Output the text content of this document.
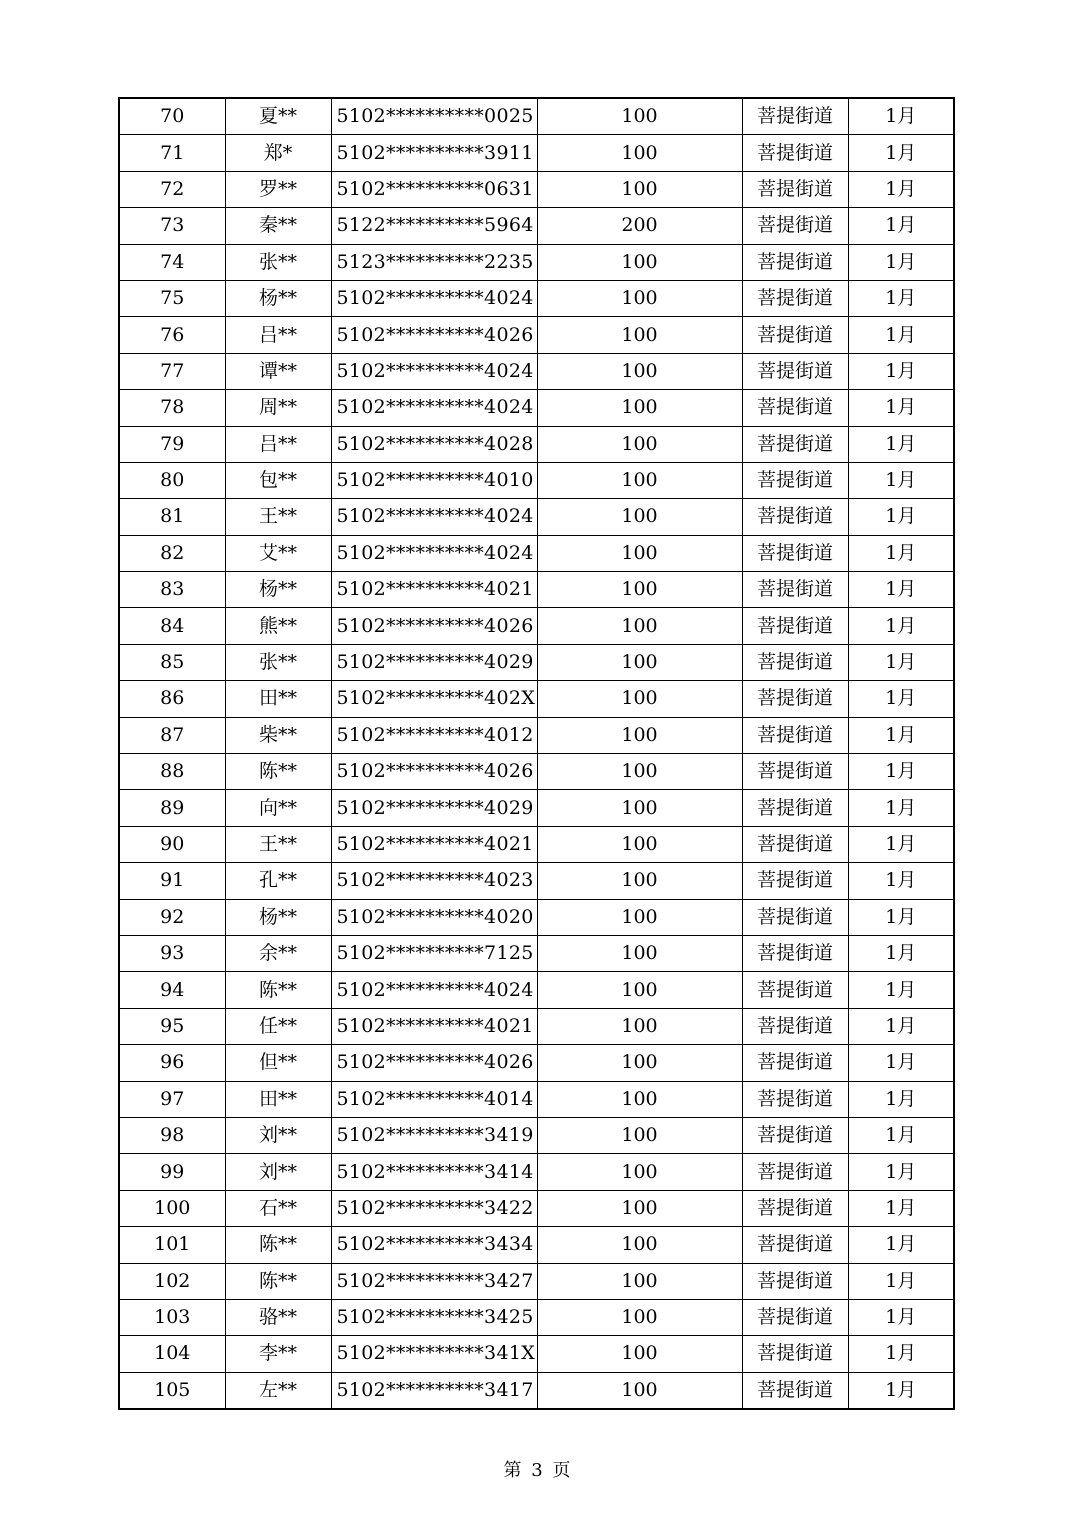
70	夏**	5102**********0025	100	菩提街道	1月
71	郑*	5102**********3911	100	菩提街道	1月
72	罗**	5102**********0631	100	菩提街道	1月
73	秦**	5122**********5964	200	菩提街道	1月
74	张**	5123**********2235	100	菩提街道	1月
75	杨**	5102**********4024	100	菩提街道	1月
76	吕**	5102**********4026	100	菩提街道	1月
77	谭**	5102**********4024	100	菩提街道	1月
78	周**	5102**********4024	100	菩提街道	1月
79	吕**	5102**********4028	100	菩提街道	1月
80	包**	5102**********4010	100	菩提街道	1月
81	王**	5102**********4024	100	菩提街道	1月
82	艾**	5102**********4024	100	菩提街道	1月
83	杨**	5102**********4021	100	菩提街道	1月
84	熊**	5102**********4026	100	菩提街道	1月
85	张**	5102**********4029	100	菩提街道	1月
86	田**	5102**********402X	100	菩提街道	1月
87	柴**	5102**********4012	100	菩提街道	1月
88	陈**	5102**********4026	100	菩提街道	1月
89	向**	5102**********4029	100	菩提街道	1月
90	王**	5102**********4021	100	菩提街道	1月
91	孔**	5102**********4023	100	菩提街道	1月
92	杨**	5102**********4020	100	菩提街道	1月
93	余**	5102**********7125	100	菩提街道	1月
94	陈**	5102**********4024	100	菩提街道	1月
95	任**	5102**********4021	100	菩提街道	1月
96	但**	5102**********4026	100	菩提街道	1月
97	田**	5102**********4014	100	菩提街道	1月
98	刘**	5102**********3419	100	菩提街道	1月
99	刘**	5102**********3414	100	菩提街道	1月
100	石**	5102**********3422	100	菩提街道	1月
101	陈**	5102**********3434	100	菩提街道	1月
102	陈**	5102**********3427	100	菩提街道	1月
103	骆**	5102**********3425	100	菩提街道	1月
104	李**	5102**********341X	100	菩提街道	1月
105	左**	5102**********3417	100	菩提街道	1月
第 3 页
